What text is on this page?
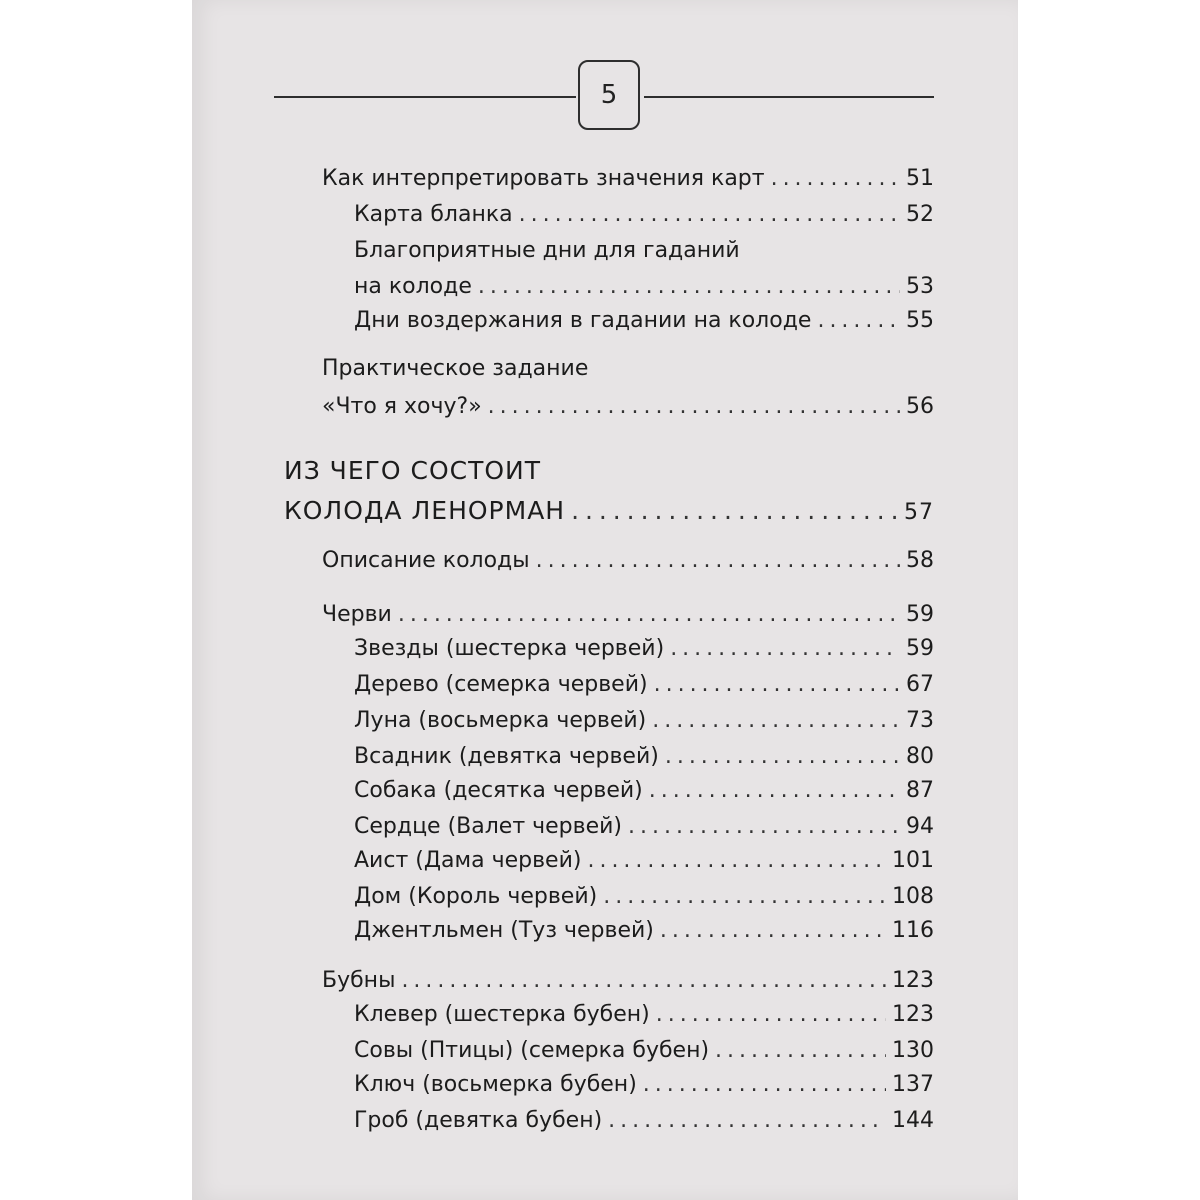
5
Как интерпретировать значения карт . . .	51
Карта бланка . . .	52
Благоприятные дни для гаданий
на колоде . . .	53
Дни воздержания в гадании на колоде . . .	55
Практическое задание
«Что я хочу?» . . .	56
ИЗ ЧЕГО СОСТОИТ
КОЛОДА ЛЕНОРМАН . . .	57
Описание колоды . . .	58
Черви . . .	59
Звезды (шестерка червей) . . .	59
Дерево (семерка червей) . . .	67
Луна (восьмерка червей) . . .	73
Всадник (девятка червей) . . .	80
Собака (десятка червей) . . .	87
Сердце (Валет червей) . . .	94
Аист (Дама червей) . . .	101
Дом (Король червей) . . .	108
Джентльмен (Туз червей) . . .	116
Бубны . . .	123
Клевер (шестерка бубен) . . .	123
Совы (Птицы) (семерка бубен) . . .	130
Ключ (восьмерка бубен) . . .	137
Гроб (девятка бубен) . . .	144
